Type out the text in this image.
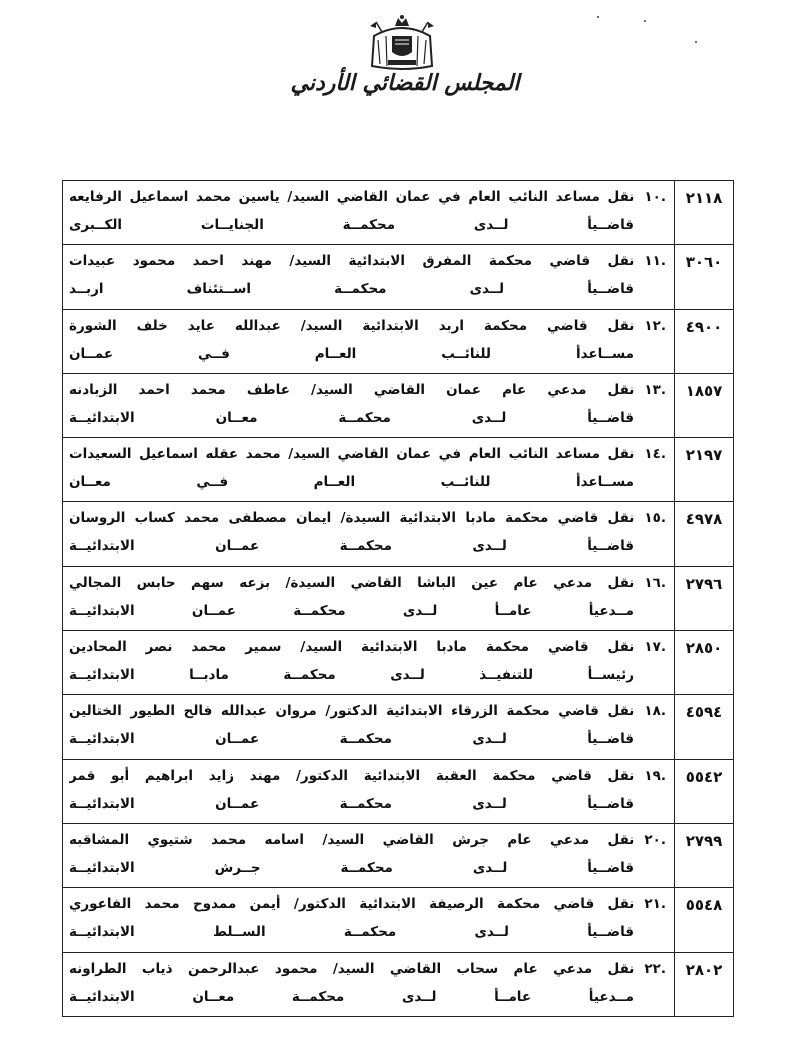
المجلس القضائي الأردني
٢١١٨	.١٠نقل مساعد النائب العام في عمان القاضي السيد/ ياسين محمد اسماعيل الرفايعه
قاضــيأ لــدى محكمــة الجنايــات الكــبرى

٣٠٦٠	.١١نقل قاضي محكمة المفرق الابتدائية السيد/ مهند احمد محمود عبيدات
قاضــيأ لــدى محكمــة اســتئناف اربــد

٤٩٠٠	.١٢نقل قاضي محكمة اربد الابتدائية السيد/ عبدالله عايد خلف الشورة
مســاعدأ للنائــب العــام فــي عمــان

١٨٥٧	.١٣نقل مدعي عام عمان القاضي السيد/ عاطف محمد احمد الزبادنه
قاضــيأ لــدى محكمــة معــان الابتدائيــة

٢١٩٧	.١٤نقل مساعد النائب العام في عمان القاضي السيد/ محمد عقله اسماعيل السعيدات
مســاعدأ للنائــب العــام فــي معــان

٤٩٧٨	.١٥نقل قاضي محكمة مادبا الابتدائية السيدة/ ايمان مصطفى محمد كساب الروسان
قاضــيأ لــدى محكمــة عمــان الابتدائيــة

٢٧٩٦	.١٦نقل مدعي عام عين الباشا القاضي السيدة/ بزعه سهم حابس المجالي
مــدعيأ عامــأ لــدى محكمــة عمــان الابتدائيــة

٢٨٥٠	.١٧نقل قاضي محكمة مادبا الابتدائية السيد/ سمير محمد نصر المحادين
رئيســأ للتنفيــذ لــدى محكمــة مادبــا الابتدائيــة

٤٥٩٤	.١٨نقل قاضي محكمة الزرقاء الابتدائية الدكتور/ مروان عبدالله فالح الطيور الختالين
قاضــيأ لــدى محكمــة عمــان الابتدائيــة

٥٥٤٢	.١٩نقل قاضي محكمة العقبة الابتدائية الدكتور/ مهند زايد ابراهيم أبو قمر
قاضــيأ لــدى محكمــة عمــان الابتدائيــة

٢٧٩٩	.٢٠نقل مدعي عام جرش القاضي السيد/ اسامه محمد شتيوي المشاقبه
قاضــيأ لــدى محكمــة جــرش الابتدائيــة

٥٥٤٨	.٢١نقل قاضي محكمة الرصيفة الابتدائية الدكتور/ أيمن ممدوح محمد الفاعوري
قاضــيأ لــدى محكمــة الســلط الابتدائيــة

٢٨٠٢	.٢٢نقل مدعي عام سحاب القاضي السيد/ محمود عبدالرحمن ذياب الطراونه
مــدعيأ عامــأ لــدى محكمــة معــان الابتدائيــة
